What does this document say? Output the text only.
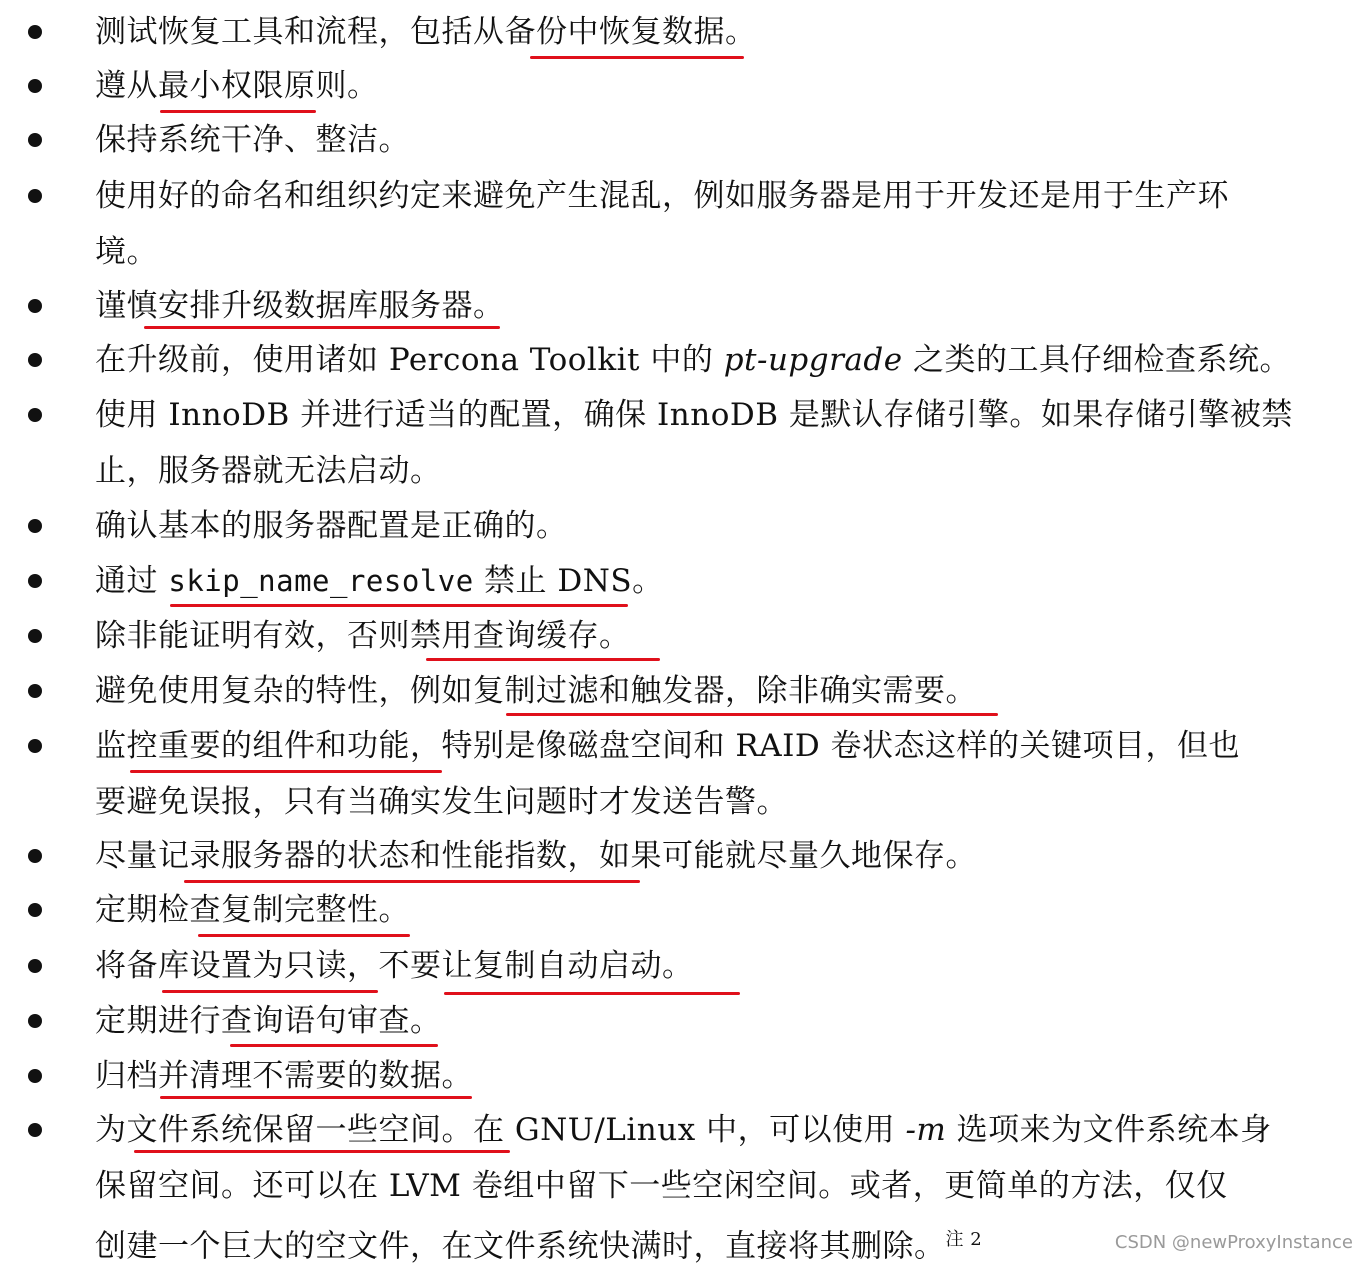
测试恢复工具和流程，包括从备份中恢复数据。
遵从最小权限原则。
保持系统干净、整洁。
使用好的命名和组织约定来避免产生混乱，例如服务器是用于开发还是用于生产环
境。
谨慎安排升级数据库服务器。
在升级前，使用诸如 Percona Toolkit 中的 pt-upgrade 之类的工具仔细检查系统。
使用 InnoDB 并进行适当的配置，确保 InnoDB 是默认存储引擎。如果存储引擎被禁
止，服务器就无法启动。
确认基本的服务器配置是正确的。
通过 skip_name_resolve 禁止 DNS。
除非能证明有效，否则禁用查询缓存。
避免使用复杂的特性，例如复制过滤和触发器，除非确实需要。
监控重要的组件和功能，特别是像磁盘空间和 RAID 卷状态这样的关键项目，但也
要避免误报，只有当确实发生问题时才发送告警。
尽量记录服务器的状态和性能指数，如果可能就尽量久地保存。
定期检查复制完整性。
将备库设置为只读，不要让复制自动启动。
定期进行查询语句审查。
归档并清理不需要的数据。
为文件系统保留一些空间。在 GNU/Linux 中，可以使用 -m 选项来为文件系统本身
保留空间。还可以在 LVM 卷组中留下一些空闲空间。或者，更简单的方法，仅仅
创建一个巨大的空文件，在文件系统快满时，直接将其删除。$^{注 2}$	CSDN @newProxyInstance
